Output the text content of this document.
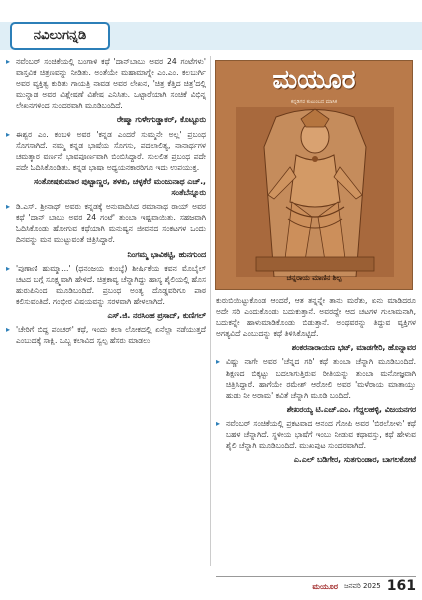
ನವಿಲುಗನ್ನಡಿ

▸ ನವೆಂಬರ್ ಸಂಚಿಕೆಯಲ್ಲಿ ಬಂಗಾಳಿ ಕಥೆ 'ದಾನ್‌ಬಾಬು ಅವರ 24 ಗಂಟೆಗಳು' ವಾಸ್ತವಿಕ ಚಿತ್ರಣವನ್ನು ನೀಡಿತು. ಅಂತೆಯೇ ಮಹಾಮಾಗ್ನೇ ಎಂ.ಎಂ. ಕಲಬುರ್ಗಿ ಅವರ ವ್ಯಕ್ತಿತ್ವ ಕುರಿತು ಗಾಯತ್ರಿ ನಾವಡ ಅವರ ಲೇಖನ, 'ಚಿತ್ರ ಕೆತ್ತಿದ ಚಿತ್ರ'ದಲ್ಲಿ ಮುನ್ನಾಡ ಅವರ ವಿಶ್ಲೇಷಣೆ ವಿಶೇಷ ಎನಿಸಿತು. ಒಟ್ಟಾರೆಯಾಗಿ ಸಂಚಿಕೆ ವಿಭಿನ್ನ ಲೇಖನಗಳಿಂದ ಸುಂದರವಾಗಿ ಮೂಡಿಬಂದಿದೆ.

ರೇಷ್ಮಾ ಗುಳೇಗುಡ್ಡಾಕರ್, ಕೊಟ್ಟೂರು

▸ ಈಶ್ವರ ಎಂ. ಕಂಬಳಿ ಅವರ 'ಕನ್ನಡ ಎಂದರೆ ಸುಮ್ಮನೇ ಅಲ್ಲ' ಪ್ರಬಂಧ ಸೊಗಸಾಗಿದೆ. ನಮ್ಮ ಕನ್ನಡ ಭಾಷೆಯ ಸೊಗಸು, ಪದಲಾಲಿತ್ಯ, ನಾನಾರ್ಥಗಳ ಚಮತ್ಕಾರ ವರ್ಣನೆ ಭಾವಪೂರ್ಣವಾಗಿ ಬಿಂಬಿಸಿದ್ದಾರೆ. ಸುಲಲಿತ ಪ್ರಬಂಧ ಪದೇ ಪದೇ ಓದಿಸಿಕೊಂಡಿತು. ಕನ್ನಡ ಭಾಷಾ ಅಧ್ಯಯನಕಾರರಿಗೂ ಇದು ಉಪಯುಕ್ತ.

ಸಂತೋಷಕುಮಾರ ಪುಟ್ಟಾಣ್ಣರ, ತಳಕು, ಚಳ್ಳಕೆರೆ ಮಂಜುನಾಥ ಎಚ್., ಸಂತೆಬೆನ್ನೂರು

▸ ಡಿ.ಎಸ್. ಶ್ರೀನಾಥ್ ಅವರು ಕನ್ನಡಕ್ಕೆ ಅನುವಾದಿಸಿದ ರಮಾನಾಥ ರಾಯ್ ಅವರ ಕಥೆ 'ದಾನ್ ಬಾಬು ಅವರ 24 ಗಂಟೆ' ತುಂಬಾ ಇಷ್ಟವಾಯಿತು. ಸಹಜವಾಗಿ ಓದಿಸಿಕೊಂಡು ಹೋಗುವ ಕಥೆಯಾಗಿ ಮನುಷ್ಯನ ಜೀವನದ ಸಂಕಟಗಳ ಒಂದು ದಿನವನ್ನು ಮನ ಮುಟ್ಟುವಂತೆ ಚಿತ್ರಿಸಿದ್ದಾರೆ.

ನಿಂಗಮ್ಮ ಭಾವಿಕಟ್ಟಿ, ಹುನಗುಂದ

▸ 'ಪುಣಾಣಿ ಹುಮ್ಮಾ...' (ಧನಂಜಯ ಕುಂಬ್ಳೆ) ಶೀರ್ಷಿಕೆಯ ಕವನ ಮೊಬೈಲ್ ಚಟದ ಬಗ್ಗೆ ಸೂಕ್ಷ್ಮವಾಗಿ ಹೇಳಿದೆ. ಚಿತ್ರಕಾವ್ಯ ಚೆನ್ನಾಗಿದ್ದು ಹಾಸ್ಯ ಶೈಲಿಯಲ್ಲಿ ಹೊಸ ಹುರುಪಿನಿಂದ ಮೂಡಿಬಂದಿದೆ. ಪ್ರಬಂಧ ಅಂತ್ಯ ದೊಡ್ಡವರಿಗೂ ಪಾಠ ಕಲಿಸುವಂತಿದೆ. ಗಂಭೀರ ವಿಷಯವನ್ನು ಸರಳವಾಗಿ ಹೇಳಲಾಗಿದೆ.

ಎಸ್.ಜಿ. ನರಸಿಂಹ ಪ್ರಸಾದ್, ಕುಣಿಗಲ್

▸ 'ಚೇರಿಗೆ ಬಿದ್ದ ಪಂಚರ್' ಕಥೆ, ಇಂದು ಕಲಾ ಲೋಕದಲ್ಲಿ ಏನೆಲ್ಲಾ ನಡೆಯುತ್ತದೆ ಎಂಬುದಕ್ಕೆ ಸಾಕ್ಷಿ. ಒಬ್ಬ ಕಲಾವಿದ ಸ್ವಲ್ಪ ಹೆಸರು ಮಾಡಲು

ಮಯೂರ
ಕನ್ನಡಿಗರ ಕುಟುಂಬದ ಮಾಸಿಕ
ಚನ್ನರಾಯ ಮಾಣಿನ ಶಿಲ್ಪ

ಕುರುಬಿಯಿಟ್ಟುಕೊಂಡ ಆಂದರೆ, ಆತ ತನ್ನನ್ನೇ ತಾನು ಮರೆತು, ಏನು ಮಾಡಿದರೂ ಅದೇ ಸರಿ ಎಂದುಕೊಂಡು ಬದುಕುತ್ತಾನೆ. ಅವರದ್ದೇ ಆದ ಚಟಗಳ ಗುಲಾಮನಾಗಿ, ಬದುಕನ್ನೇ ಹಾಳುಮಾಡಿಕೊಂಡು ಬಿಡುತ್ತಾನೆ. ಅಂಥವರನ್ನು ತಿದ್ದುವ ವ್ಯಕ್ತಿಗಳ ಅಗತ್ಯವಿದೆ ಎಂಬುದನ್ನು ಕಥೆ ತಿಳಿಸಿಕೊಟ್ಟಿದೆ.

ಶಂಕರನಾರಾಯಣ ಭಟ್, ಮಾಡಗೇರಿ, ಹೊನ್ನಾವರ

▸ ವಿಷ್ಣು ನಾಗೇ ಅವರ 'ಚೆನ್ನದ ಗರಿ' ಕಥೆ ತುಂಬಾ ಚೆನ್ನಾಗಿ ಮೂಡಿಬಂದಿದೆ. ಶಿಕ್ಷಣದ ಬಿಕ್ಕಟ್ಟು ಬದಲಾಗುತ್ತಿರುವ ರೀತಿಯನ್ನು ತುಂಬಾ ಮನೋಜ್ಞವಾಗಿ ಚಿತ್ರಿಸಿದ್ದಾರೆ. ಹಾಗೆಯೇ ರಮೇಶ್ ಆರೋಲಿ ಅವರ 'ಮಳೆರಾಯ ಮಾತಾಯ್ತು ಹುಡು ನೀ ಅರಾಮ' ಕವಿತೆ ಚೆನ್ನಾಗಿ ಮೂಡಿ ಬಂದಿದೆ.

ಶೇಖರಯ್ಯ ಟಿ.ಎಚ್.ಎಂ. ಗೆದ್ದಲಹಳ್ಳಿ, ವಿಜಯನಗರ

▸ ನವೆಂಬರ್ ಸಂಚಿಕೆಯಲ್ಲಿ ಪ್ರಕಟವಾದ ಆನಂದ ಗೋಪಿ ಅವರ 'ಬಿರಲೋಳು' ಕಥೆ ಬಹಳ ಚೆನ್ನಾಗಿದೆ. ಸ್ಥಳೀಯ ಭಾಷೆಗೆ ಇಂಬು ನೀಡುವ ಕಥಾವಸ್ತು, ಕಥೆ ಹೇಳುವ ಶೈಲಿ ಚೆನ್ನಾಗಿ ಮೂಡಿಬಂದಿದೆ. ಮುಖಪುಟ ಸುಂದರವಾಗಿದೆ.

ಎ.ಎಲ್ ಬಡಿಗೇರ, ಸುತಗುಂಡಾರ, ಬಾಗಲಕೋಟೆ
ಮಯೂರ ಜನವರಿ 2025 161
